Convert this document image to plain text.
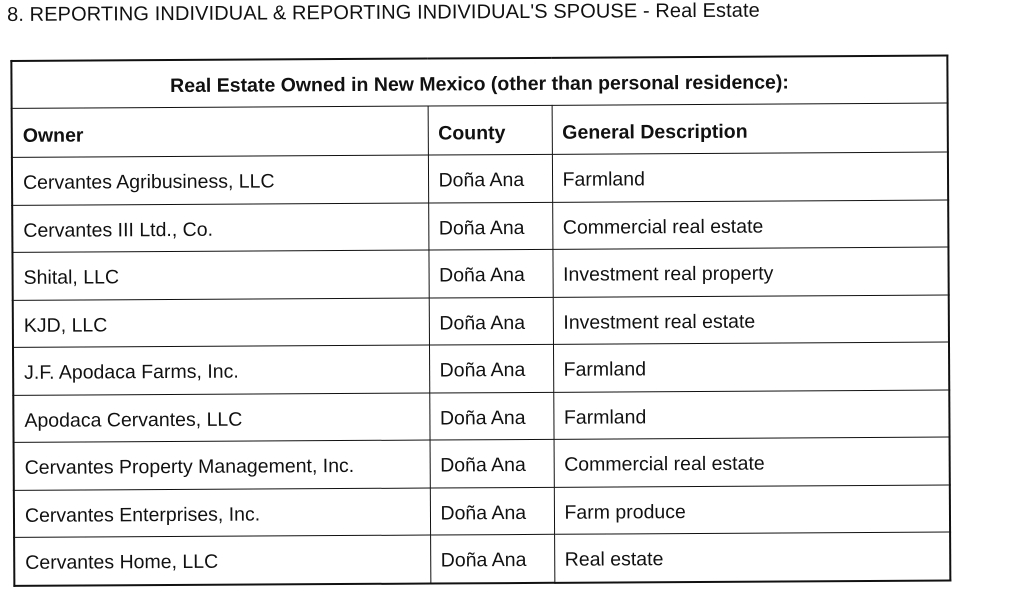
8. REPORTING INDIVIDUAL & REPORTING INDIVIDUAL'S SPOUSE - Real Estate
Real Estate Owned in New Mexico (other than personal residence):		
Owner	County	General Description
Cervantes Agribusiness, LLC	Doña Ana	Farmland
Cervantes III Ltd., Co.	Doña Ana	Commercial real estate
Shital, LLC	Doña Ana	Investment real property
KJD, LLC	Doña Ana	Investment real estate
J.F. Apodaca Farms, Inc.	Doña Ana	Farmland
Apodaca Cervantes, LLC	Doña Ana	Farmland
Cervantes Property Management, Inc.	Doña Ana	Commercial real estate
Cervantes Enterprises, Inc.	Doña Ana	Farm produce
Cervantes Home, LLC	Doña Ana	Real estate
